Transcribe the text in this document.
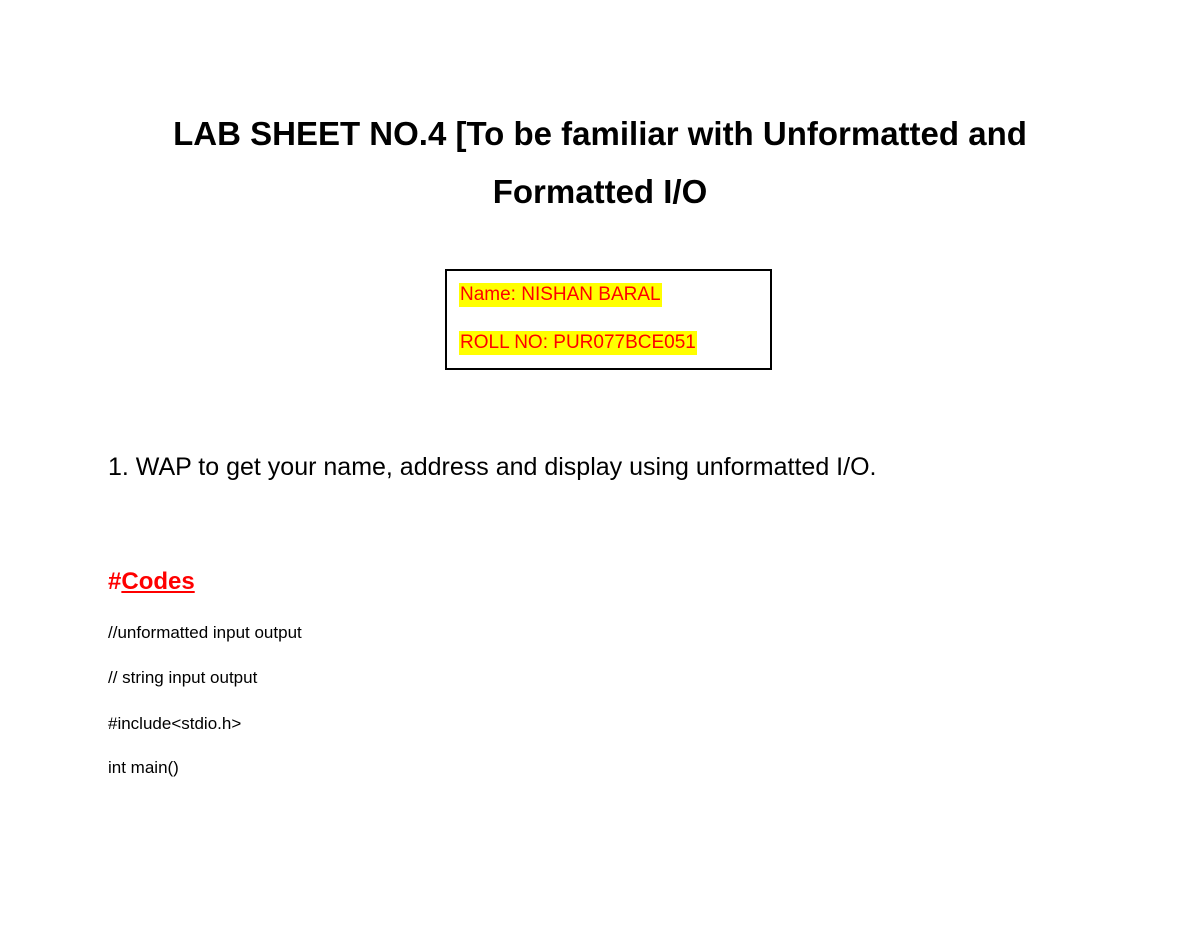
LAB SHEET NO.4 [To be familiar with Unformatted and
Formatted I/O
Name: NISHAN BARAL
ROLL NO: PUR077BCE051

1. WAP to get your name, address and display using unformatted I/O.

#Codes
//unformatted input output
// string input output
#include<stdio.h>
int main()
